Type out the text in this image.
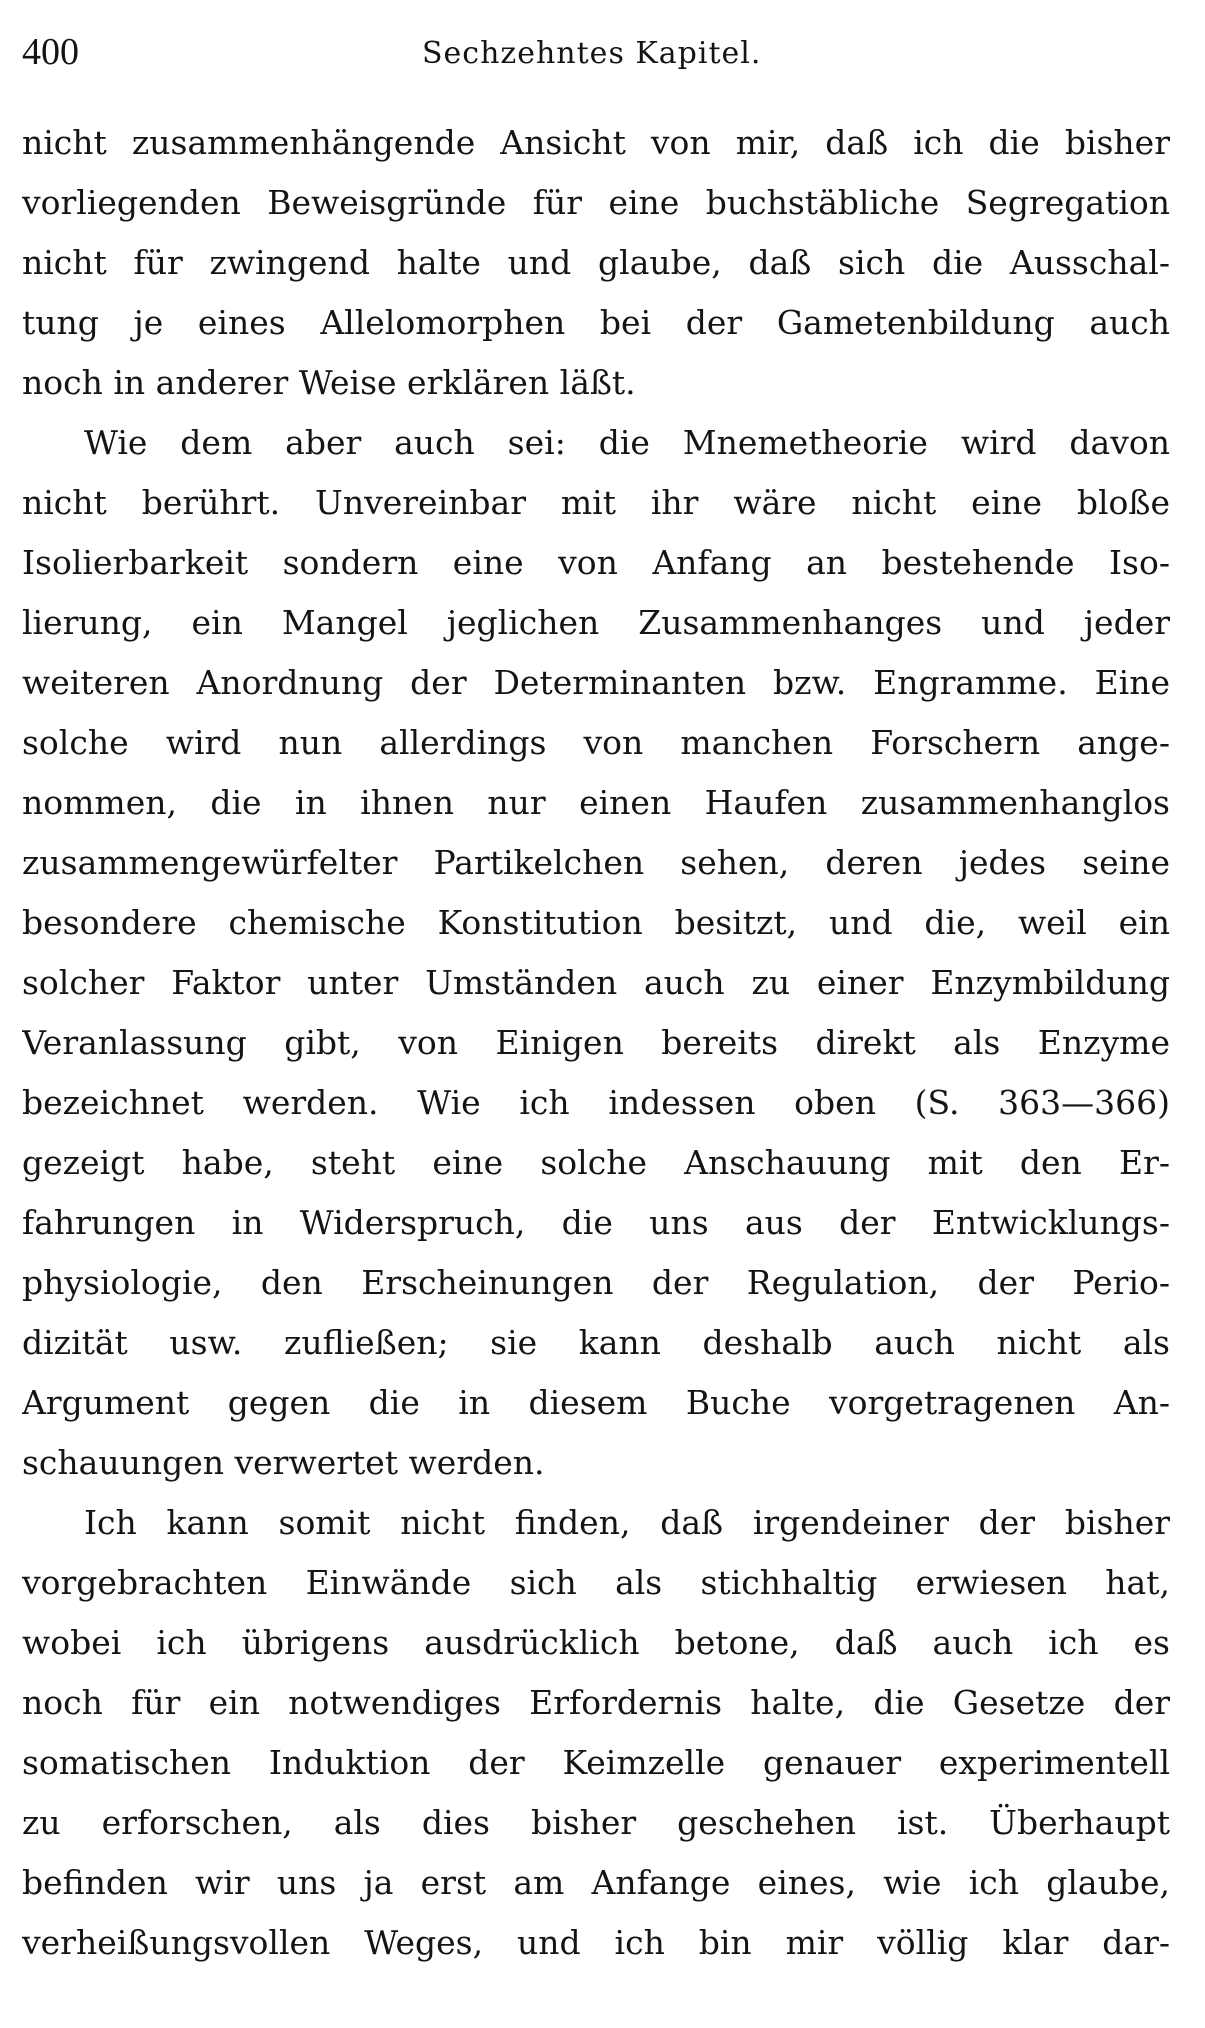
400	Sechzehntes Kapitel.
nicht zusammenhängende Ansicht von mir, daß ich die bisher
vorliegenden Beweisgründe für eine buchstäbliche Segregation
nicht für zwingend halte und glaube, daß sich die Ausschal-
tung je eines Allelomorphen bei der Gametenbildung auch
noch in anderer Weise erklären läßt.
Wie dem aber auch sei: die Mnemetheorie wird davon
nicht berührt. Unvereinbar mit ihr wäre nicht eine bloße
Isolierbarkeit sondern eine von Anfang an bestehende Iso-
lierung, ein Mangel jeglichen Zusammenhanges und jeder
weiteren Anordnung der Determinanten bzw. Engramme. Eine
solche wird nun allerdings von manchen Forschern ange-
nommen, die in ihnen nur einen Haufen zusammenhanglos
zusammengewürfelter Partikelchen sehen, deren jedes seine
besondere chemische Konstitution besitzt, und die, weil ein
solcher Faktor unter Umständen auch zu einer Enzymbildung
Veranlassung gibt, von Einigen bereits direkt als Enzyme
bezeichnet werden. Wie ich indessen oben (S. 363—366)
gezeigt habe, steht eine solche Anschauung mit den Er-
fahrungen in Widerspruch, die uns aus der Entwicklungs-
physiologie, den Erscheinungen der Regulation, der Perio-
dizität usw. zufließen; sie kann deshalb auch nicht als
Argument gegen die in diesem Buche vorgetragenen An-
schauungen verwertet werden.
Ich kann somit nicht finden, daß irgendeiner der bisher
vorgebrachten Einwände sich als stichhaltig erwiesen hat,
wobei ich übrigens ausdrücklich betone, daß auch ich es
noch für ein notwendiges Erfordernis halte, die Gesetze der
somatischen Induktion der Keimzelle genauer experimentell
zu erforschen, als dies bisher geschehen ist. Überhaupt
befinden wir uns ja erst am Anfange eines, wie ich glaube,
verheißungsvollen Weges, und ich bin mir völlig klar dar-
